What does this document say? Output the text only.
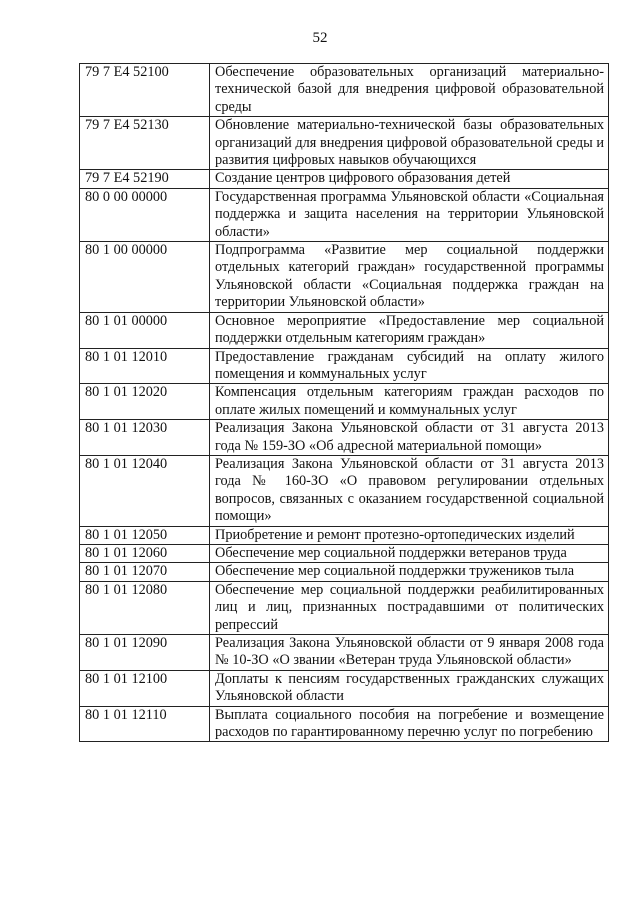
52
79 7 E4 52100	Обеспечение образовательных организаций материально-технической базой для внедрения цифровой образовательной среды
79 7 E4 52130	Обновление материально-технической базы образовательных организаций для внедрения цифровой образовательной среды и развития цифровых навыков обучающихся
79 7 E4 52190	Создание центров цифрового образования детей
80 0 00 00000	Государственная программа Ульяновской области «Социальная поддержка и защита населения на территории Ульяновской области»
80 1 00 00000	Подпрограмма «Развитие мер социальной поддержки отдельных категорий граждан» государственной программы Ульяновской области «Социальная поддержка граждан на территории Ульяновской области»
80 1 01 00000	Основное мероприятие «Предоставление мер социальной поддержки отдельным категориям граждан»
80 1 01 12010	Предоставление гражданам субсидий на оплату жилого помещения и коммунальных услуг
80 1 01 12020	Компенсация отдельным категориям граждан расходов по оплате жилых помещений и коммунальных услуг
80 1 01 12030	Реализация Закона Ульяновской области от 31 августа 2013 года № 159-ЗО «Об адресной материальной помощи»
80 1 01 12040	Реализация Закона Ульяновской области от 31 августа 2013 года № 160-ЗО «О правовом регулировании отдельных вопросов, связанных с оказанием государственной социальной помощи»
80 1 01 12050	Приобретение и ремонт протезно-ортопедических изделий
80 1 01 12060	Обеспечение мер социальной поддержки ветеранов труда
80 1 01 12070	Обеспечение мер социальной поддержки тружеников тыла
80 1 01 12080	Обеспечение мер социальной поддержки реабилитированных лиц и лиц, признанных пострадавшими от политических репрессий
80 1 01 12090	Реализация Закона Ульяновской области от 9 января 2008 года № 10-ЗО «О звании «Ветеран труда Ульяновской области»
80 1 01 12100	Доплаты к пенсиям государственных гражданских служащих Ульяновской области
80 1 01 12110	Выплата социального пособия на погребение и возмещение расходов по гарантированному перечню услуг по погребению
